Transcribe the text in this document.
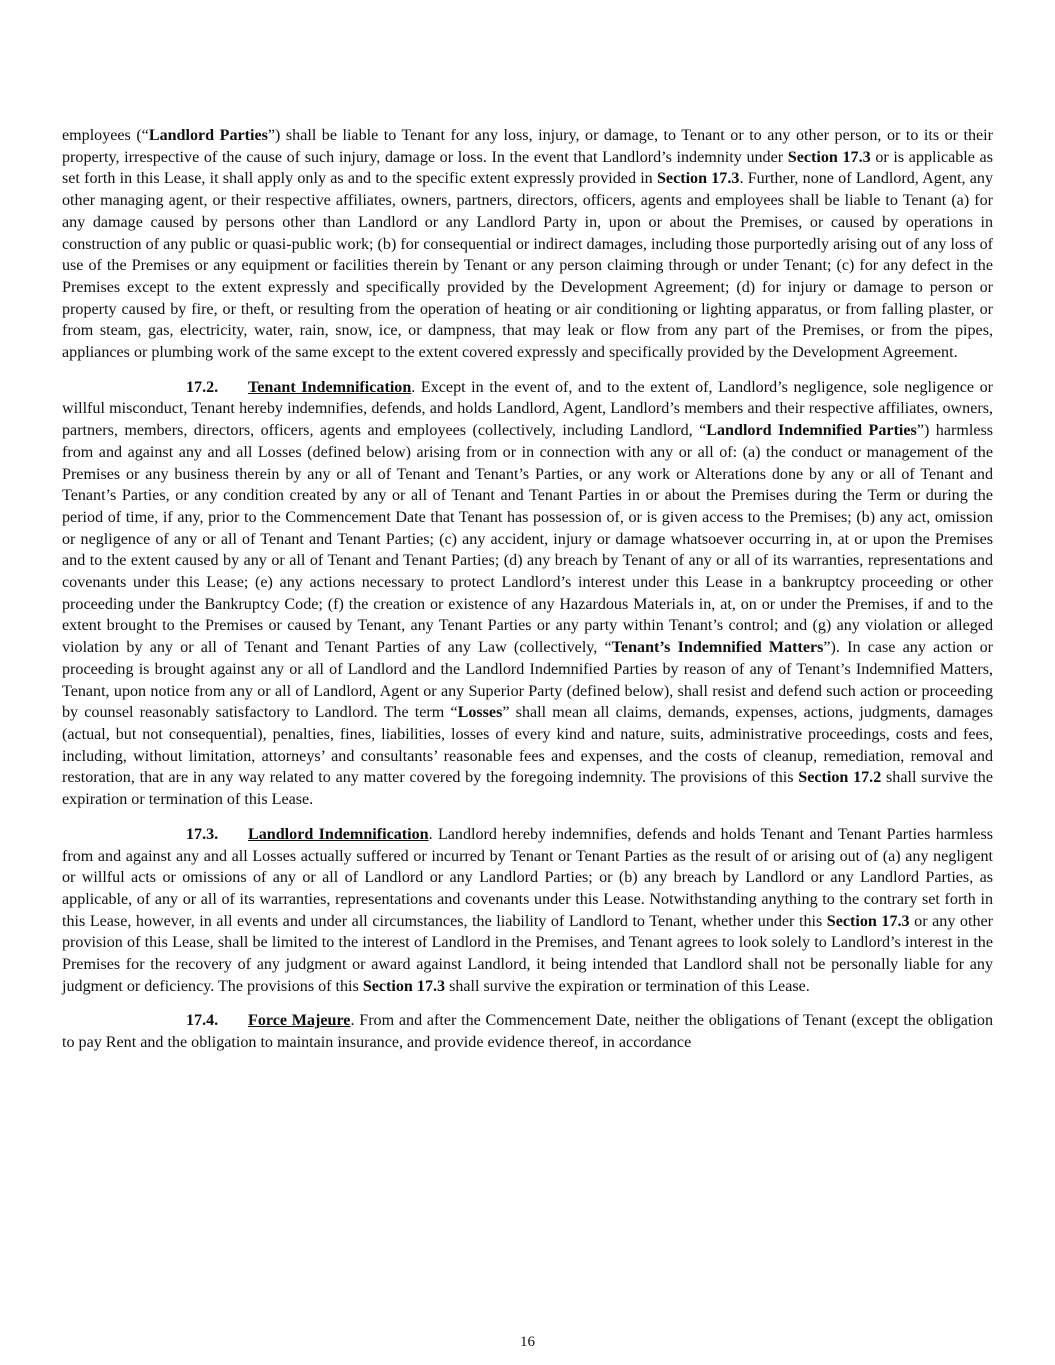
employees (“Landlord Parties”) shall be liable to Tenant for any loss, injury, or damage, to Tenant or to any other person, or to its or their property, irrespective of the cause of such injury, damage or loss. In the event that Landlord’s indemnity under Section 17.3 or is applicable as set forth in this Lease, it shall apply only as and to the specific extent expressly provided in Section 17.3. Further, none of Landlord, Agent, any other managing agent, or their respective affiliates, owners, partners, directors, officers, agents and employees shall be liable to Tenant (a) for any damage caused by persons other than Landlord or any Landlord Party in, upon or about the Premises, or caused by operations in construction of any public or quasi-public work; (b) for consequential or indirect damages, including those purportedly arising out of any loss of use of the Premises or any equipment or facilities therein by Tenant or any person claiming through or under Tenant; (c) for any defect in the Premises except to the extent expressly and specifically provided by the Development Agreement; (d) for injury or damage to person or property caused by fire, or theft, or resulting from the operation of heating or air conditioning or lighting apparatus, or from falling plaster, or from steam, gas, electricity, water, rain, snow, ice, or dampness, that may leak or flow from any part of the Premises, or from the pipes, appliances or plumbing work of the same except to the extent covered expressly and specifically provided by the Development Agreement.

17.2. Tenant Indemnification. Except in the event of, and to the extent of, Landlord’s negligence, sole negligence or willful misconduct, Tenant hereby indemnifies, defends, and holds Landlord, Agent, Landlord’s members and their respective affiliates, owners, partners, members, directors, officers, agents and employees (collectively, including Landlord, “Landlord Indemnified Parties”) harmless from and against any and all Losses (defined below) arising from or in connection with any or all of: (a) the conduct or management of the Premises or any business therein by any or all of Tenant and Tenant’s Parties, or any work or Alterations done by any or all of Tenant and Tenant’s Parties, or any condition created by any or all of Tenant and Tenant Parties in or about the Premises during the Term or during the period of time, if any, prior to the Commencement Date that Tenant has possession of, or is given access to the Premises; (b) any act, omission or negligence of any or all of Tenant and Tenant Parties; (c) any accident, injury or damage whatsoever occurring in, at or upon the Premises and to the extent caused by any or all of Tenant and Tenant Parties; (d) any breach by Tenant of any or all of its warranties, representations and covenants under this Lease; (e) any actions necessary to protect Landlord’s interest under this Lease in a bankruptcy proceeding or other proceeding under the Bankruptcy Code; (f) the creation or existence of any Hazardous Materials in, at, on or under the Premises, if and to the extent brought to the Premises or caused by Tenant, any Tenant Parties or any party within Tenant’s control; and (g) any violation or alleged violation by any or all of Tenant and Tenant Parties of any Law (collectively, “Tenant’s Indemnified Matters”). In case any action or proceeding is brought against any or all of Landlord and the Landlord Indemnified Parties by reason of any of Tenant’s Indemnified Matters, Tenant, upon notice from any or all of Landlord, Agent or any Superior Party (defined below), shall resist and defend such action or proceeding by counsel reasonably satisfactory to Landlord. The term “Losses” shall mean all claims, demands, expenses, actions, judgments, damages (actual, but not consequential), penalties, fines, liabilities, losses of every kind and nature, suits, administrative proceedings, costs and fees, including, without limitation, attorneys’ and consultants’ reasonable fees and expenses, and the costs of cleanup, remediation, removal and restoration, that are in any way related to any matter covered by the foregoing indemnity. The provisions of this Section 17.2 shall survive the expiration or termination of this Lease.

17.3. Landlord Indemnification. Landlord hereby indemnifies, defends and holds Tenant and Tenant Parties harmless from and against any and all Losses actually suffered or incurred by Tenant or Tenant Parties as the result of or arising out of (a) any negligent or willful acts or omissions of any or all of Landlord or any Landlord Parties; or (b) any breach by Landlord or any Landlord Parties, as applicable, of any or all of its warranties, representations and covenants under this Lease. Notwithstanding anything to the contrary set forth in this Lease, however, in all events and under all circumstances, the liability of Landlord to Tenant, whether under this Section 17.3 or any other provision of this Lease, shall be limited to the interest of Landlord in the Premises, and Tenant agrees to look solely to Landlord’s interest in the Premises for the recovery of any judgment or award against Landlord, it being intended that Landlord shall not be personally liable for any judgment or deficiency. The provisions of this Section 17.3 shall survive the expiration or termination of this Lease.

17.4. Force Majeure. From and after the Commencement Date, neither the obligations of Tenant (except the obligation to pay Rent and the obligation to maintain insurance, and provide evidence thereof, in accordance

16
